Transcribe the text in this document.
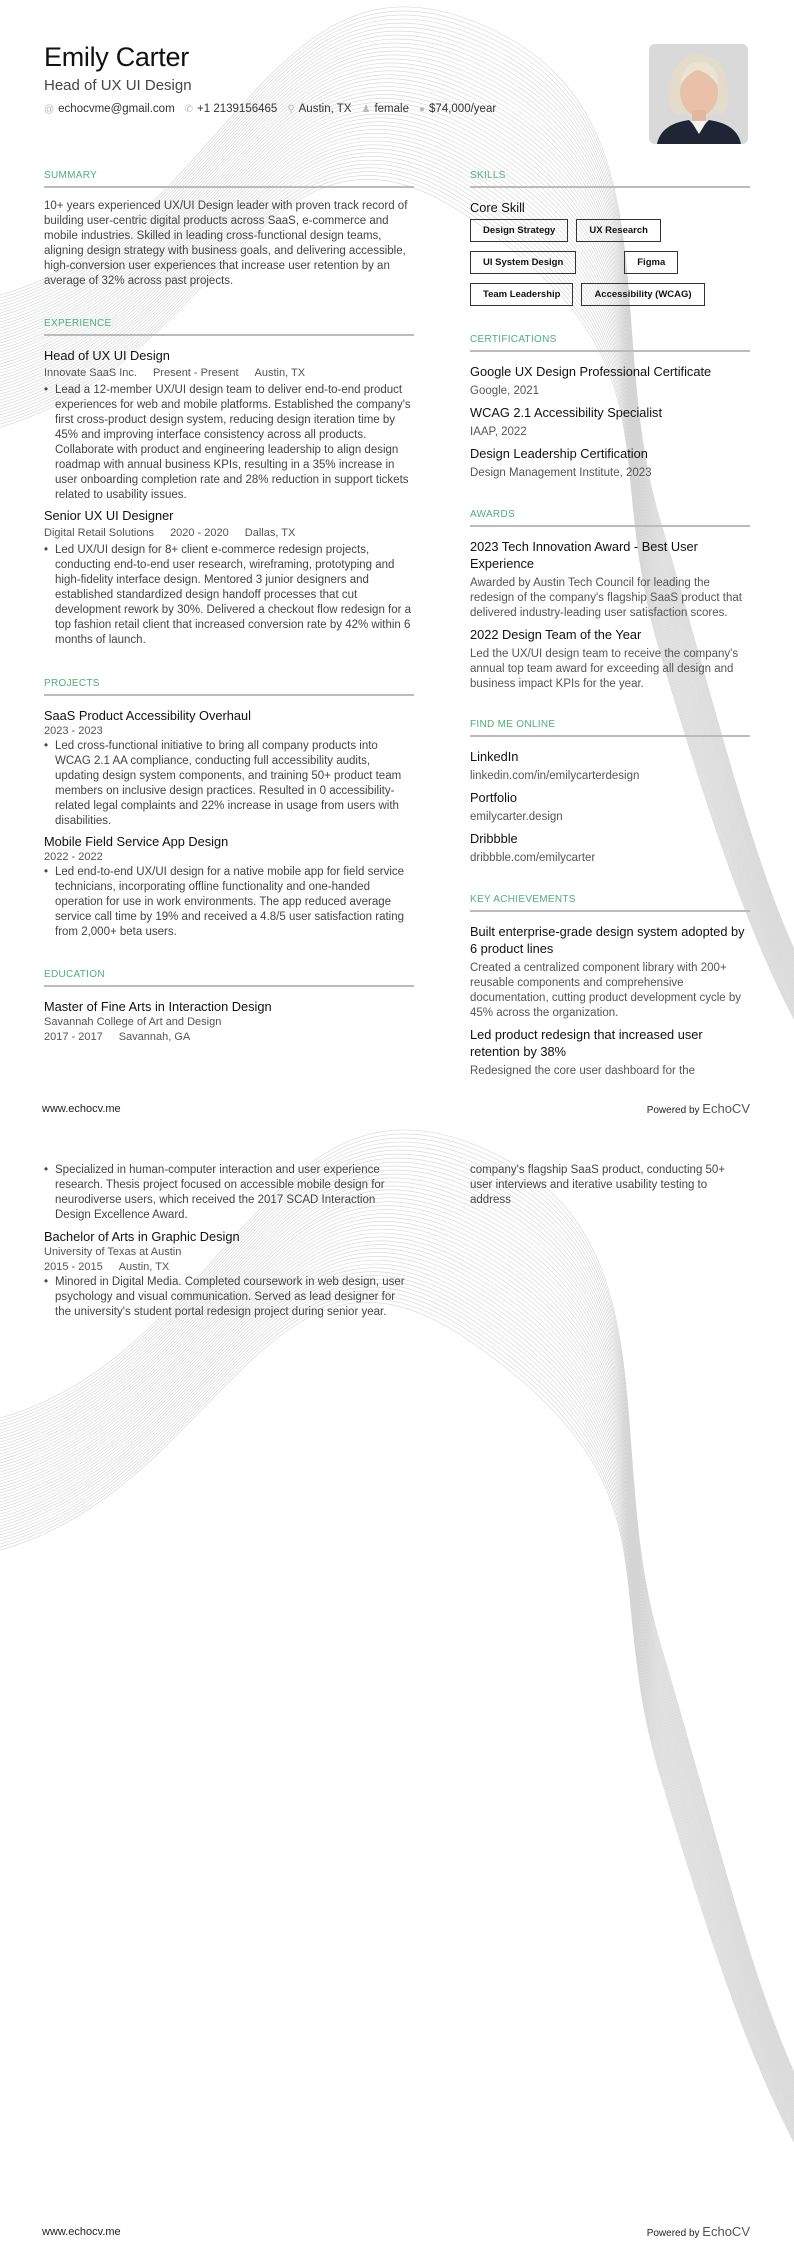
Emily Carter
Head of UX UI Design
@ echocvme@gmail.com ✆ +1 2139156465 ⚲ Austin, TX ♟ female ● $74,000/year
SUMMARY
10+ years experienced UX/UI Design leader with proven track record of building user-centric digital products across SaaS, e-commerce and mobile industries. Skilled in leading cross-functional design teams, aligning design strategy with business goals, and delivering accessible, high-conversion user experiences that increase user retention by an average of 32% across past projects.
EXPERIENCE
Head of UX UI Design
Innovate SaaS Inc. Present - Present Austin, TX
• Lead a 12-member UX/UI design team to deliver end-to-end product experiences for web and mobile platforms. Established the company's first cross-product design system, reducing design iteration time by 45% and improving interface consistency across all products. Collaborate with product and engineering leadership to align design roadmap with annual business KPIs, resulting in a 35% increase in user onboarding completion rate and 28% reduction in support tickets related to usability issues.
Senior UX UI Designer
Digital Retail Solutions 2020 - 2020 Dallas, TX
• Led UX/UI design for 8+ client e-commerce redesign projects, conducting end-to-end user research, wireframing, prototyping and high-fidelity interface design. Mentored 3 junior designers and established standardized design handoff processes that cut development rework by 30%. Delivered a checkout flow redesign for a top fashion retail client that increased conversion rate by 42% within 6 months of launch.
PROJECTS
SaaS Product Accessibility Overhaul
2023 - 2023
• Led cross-functional initiative to bring all company products into WCAG 2.1 AA compliance, conducting full accessibility audits, updating design system components, and training 50+ product team members on inclusive design practices. Resulted in 0 accessibility-related legal complaints and 22% increase in usage from users with disabilities.
Mobile Field Service App Design
2022 - 2022
• Led end-to-end UX/UI design for a native mobile app for field service technicians, incorporating offline functionality and one-handed operation for use in work environments. The app reduced average service call time by 19% and received a 4.8/5 user satisfaction rating from 2,000+ beta users.
EDUCATION
Master of Fine Arts in Interaction Design
Savannah College of Art and Design
2017 - 2017 Savannah, GA
SKILLS
Core Skill
Design Strategy	UX Research
UI System Design	Figma
Team Leadership	Accessibility (WCAG)
CERTIFICATIONS
Google UX Design Professional Certificate
Google, 2021
WCAG 2.1 Accessibility Specialist
IAAP, 2022
Design Leadership Certification
Design Management Institute, 2023
AWARDS
2023 Tech Innovation Award - Best User Experience
Awarded by Austin Tech Council for leading the redesign of the company's flagship SaaS product that delivered industry-leading user satisfaction scores.
2022 Design Team of the Year
Led the UX/UI design team to receive the company's annual top team award for exceeding all design and business impact KPIs for the year.
FIND ME ONLINE
LinkedIn
linkedin.com/in/emilycarterdesign
Portfolio
emilycarter.design
Dribbble
dribbble.com/emilycarter
KEY ACHIEVEMENTS
Built enterprise-grade design system adopted by 6 product lines
Created a centralized component library with 200+ reusable components and comprehensive documentation, cutting product development cycle by 45% across the organization.
Led product redesign that increased user retention by 38%
Redesigned the core user dashboard for the
www.echocv.me	Powered by EchoCV
• Specialized in human-computer interaction and user experience research. Thesis project focused on accessible mobile design for neurodiverse users, which received the 2017 SCAD Interaction Design Excellence Award.
Bachelor of Arts in Graphic Design
University of Texas at Austin
2015 - 2015 Austin, TX
• Minored in Digital Media. Completed coursework in web design, user psychology and visual communication. Served as lead designer for the university's student portal redesign project during senior year.
company's flagship SaaS product, conducting 50+ user interviews and iterative usability testing to address
www.echocv.me	Powered by EchoCV
